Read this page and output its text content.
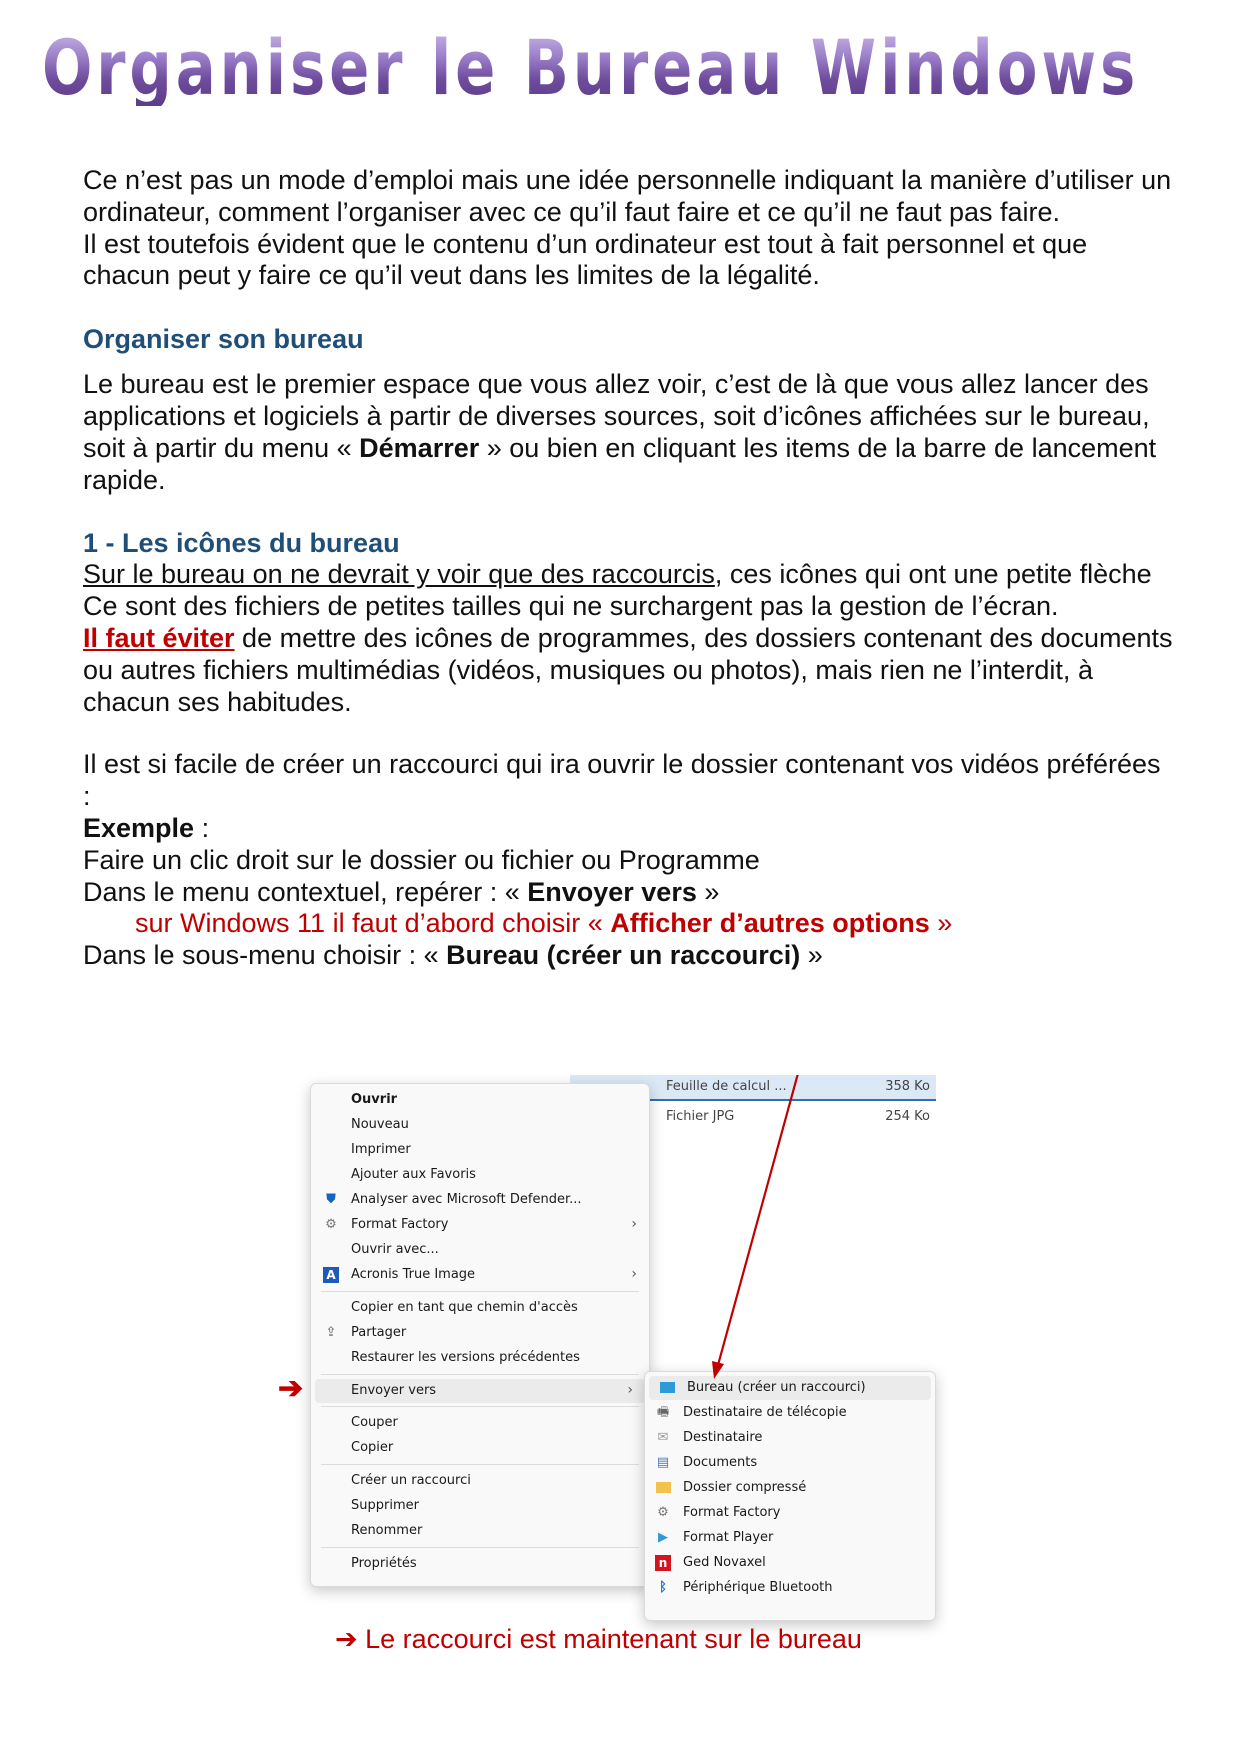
Organiser le Bureau Windows

Ce n’est pas un mode d’emploi mais une idée personnelle indiquant la manière d’utiliser un ordinateur, comment l’organiser avec ce qu’il faut faire et ce qu’il ne faut pas faire.

Il est toutefois évident que le contenu d’un ordinateur est tout à fait personnel et que chacun peut y faire ce qu’il veut dans les limites de la légalité.

Organiser son bureau

Le bureau est le premier espace que vous allez voir, c’est de là que vous allez lancer des applications et logiciels à partir de diverses sources, soit d’icônes affichées sur le bureau, soit à partir du menu « Démarrer » ou bien en cliquant les items de la barre de lancement rapide.

1 - Les icônes du bureau

Sur le bureau on ne devrait y voir que des raccourcis, ces icônes qui ont une petite flèche

Ce sont des fichiers de petites tailles qui ne surchargent pas la gestion de l’écran.

Il faut éviter de mettre des icônes de programmes, des dossiers contenant des documents ou autres fichiers multimédias (vidéos, musiques ou photos), mais rien ne l’interdit, à chacun ses habitudes.

Il est si facile de créer un raccourci qui ira ouvrir le dossier contenant vos vidéos préférées :

Exemple :

Faire un clic droit sur le dossier ou fichier ou Programme

Dans le menu contextuel, repérer : « Envoyer vers »

sur Windows 11 il faut d’abord choisir « Afficher d’autres options »

Dans le sous-menu choisir : « Bureau (créer un raccourci) »

Feuille de calcul ...	358 Ko
Fichier JPG	254 Ko
Ouvrir
Nouveau
Imprimer
Ajouter aux Favoris
⛊ Analyser avec Microsoft Defender...
⚙ Format Factory	›
Ouvrir avec...
A Acronis True Image	›
Copier en tant que chemin d'accès
⇪ Partager
Restaurer les versions précédentes
Envoyer vers	›
Couper
Copier
Créer un raccourci
Supprimer
Renommer
Propriétés
Bureau (créer un raccourci)
🖷 Destinataire de télécopie
✉ Destinataire
▤ Documents
Dossier compressé
⚙ Format Factory
▶ Format Player
n Ged Novaxel
ᛒ	Périphérique Bluetooth
➔
➔ Le raccourci est maintenant sur le bureau
